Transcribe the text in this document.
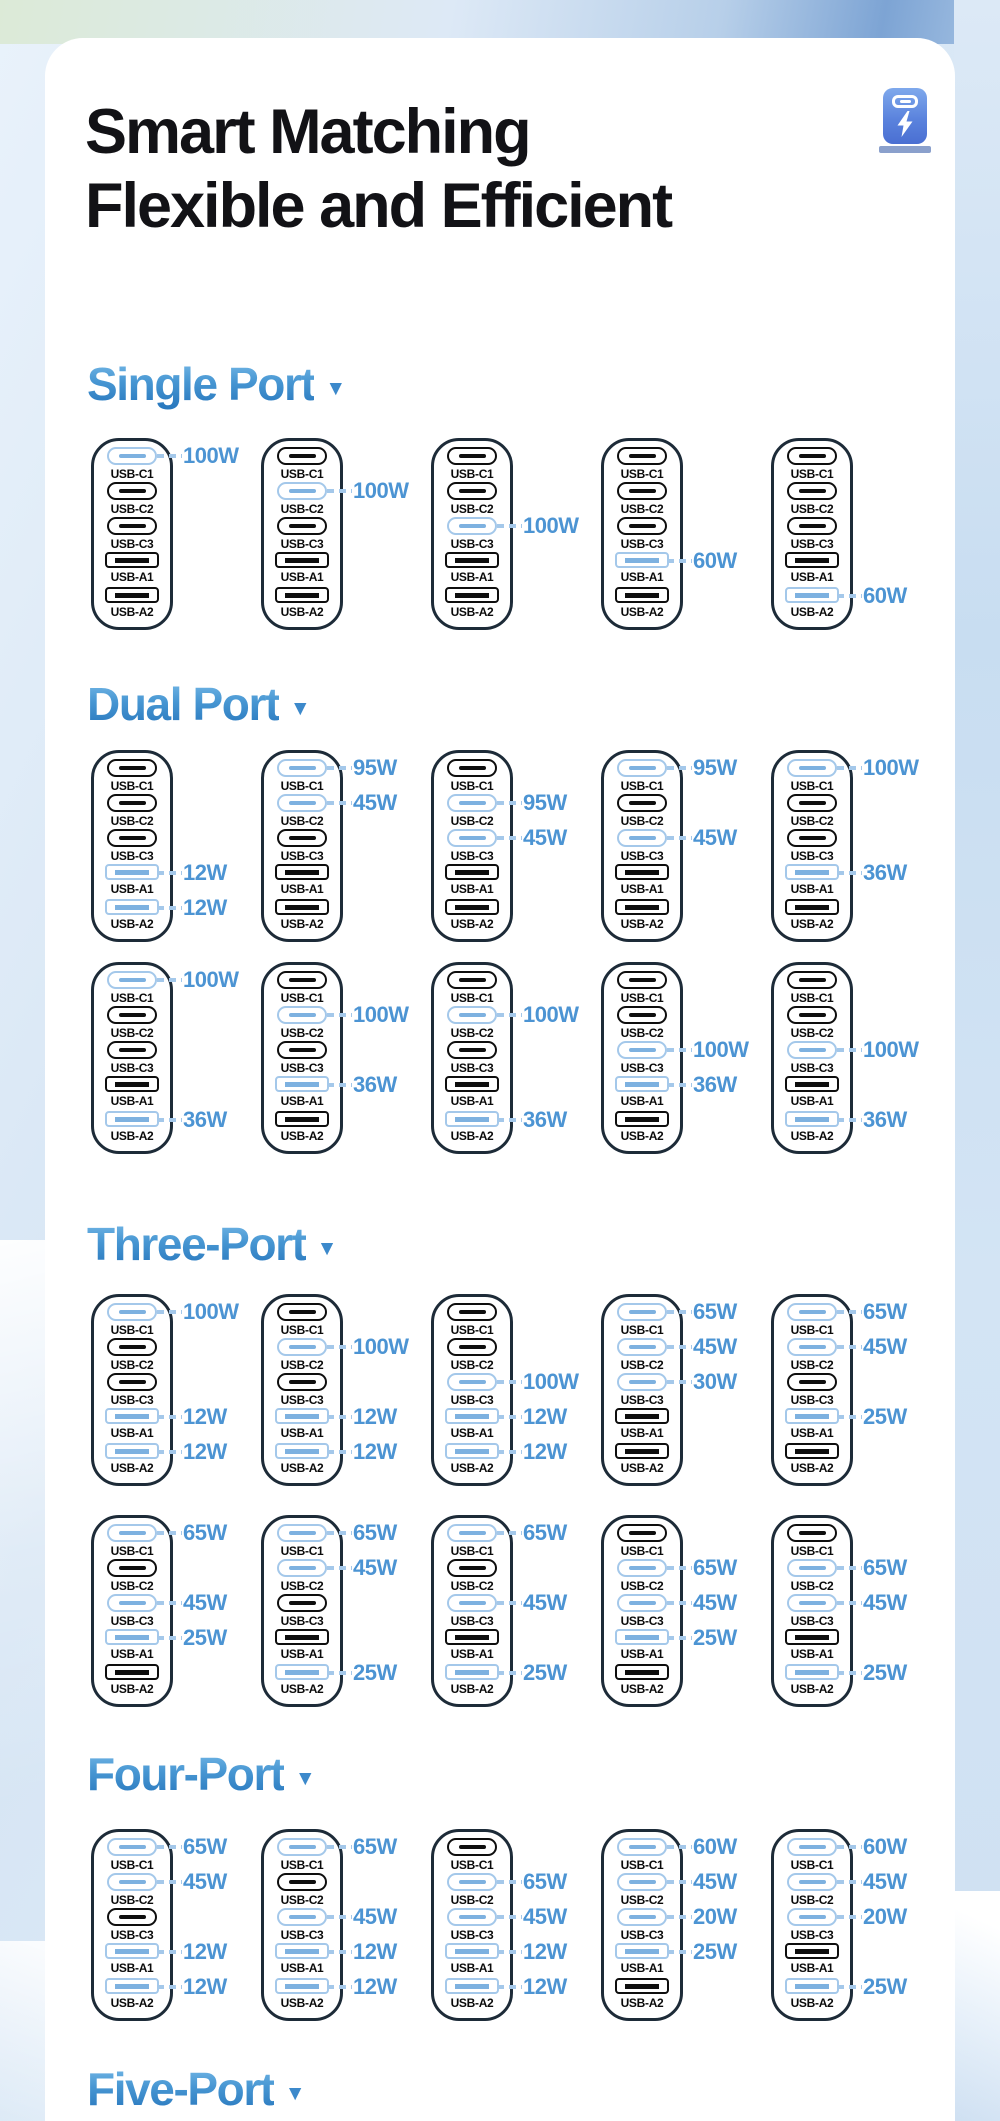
Smart Matching
Flexible and Efficient
Single Port ▼
USB-C1
100W
USB-C2
USB-C3
USB-A1
USB-A2
USB-C1
USB-C2
100W
USB-C3
USB-A1
USB-A2
USB-C1
USB-C2
USB-C3
100W
USB-A1
USB-A2
USB-C1
USB-C2
USB-C3
USB-A1
60W
USB-A2
USB-C1
USB-C2
USB-C3
USB-A1
USB-A2
60W
Dual Port ▼
USB-C1
USB-C2
USB-C3
USB-A1
12W
USB-A2
12W
USB-C1
95W
USB-C2
45W
USB-C3
USB-A1
USB-A2
USB-C1
USB-C2
95W
USB-C3
45W
USB-A1
USB-A2
USB-C1
95W
USB-C2
USB-C3
45W
USB-A1
USB-A2
USB-C1
100W
USB-C2
USB-C3
USB-A1
36W
USB-A2
USB-C1
100W
USB-C2
USB-C3
USB-A1
USB-A2
36W
USB-C1
USB-C2
100W
USB-C3
USB-A1
36W
USB-A2
USB-C1
USB-C2
100W
USB-C3
USB-A1
USB-A2
36W
USB-C1
USB-C2
USB-C3
100W
USB-A1
36W
USB-A2
USB-C1
USB-C2
USB-C3
100W
USB-A1
USB-A2
36W
Three-Port ▼
USB-C1
100W
USB-C2
USB-C3
USB-A1
12W
USB-A2
12W
USB-C1
USB-C2
100W
USB-C3
USB-A1
12W
USB-A2
12W
USB-C1
USB-C2
USB-C3
100W
USB-A1
12W
USB-A2
12W
USB-C1
65W
USB-C2
45W
USB-C3
30W
USB-A1
USB-A2
USB-C1
65W
USB-C2
45W
USB-C3
USB-A1
25W
USB-A2
USB-C1
65W
USB-C2
USB-C3
45W
USB-A1
25W
USB-A2
USB-C1
65W
USB-C2
45W
USB-C3
USB-A1
USB-A2
25W
USB-C1
65W
USB-C2
USB-C3
45W
USB-A1
USB-A2
25W
USB-C1
USB-C2
65W
USB-C3
45W
USB-A1
25W
USB-A2
USB-C1
USB-C2
65W
USB-C3
45W
USB-A1
USB-A2
25W
Four-Port ▼
USB-C1
65W
USB-C2
45W
USB-C3
USB-A1
12W
USB-A2
12W
USB-C1
65W
USB-C2
USB-C3
45W
USB-A1
12W
USB-A2
12W
USB-C1
USB-C2
65W
USB-C3
45W
USB-A1
12W
USB-A2
12W
USB-C1
60W
USB-C2
45W
USB-C3
20W
USB-A1
25W
USB-A2
USB-C1
60W
USB-C2
45W
USB-C3
20W
USB-A1
USB-A2
25W
Five-Port ▼
